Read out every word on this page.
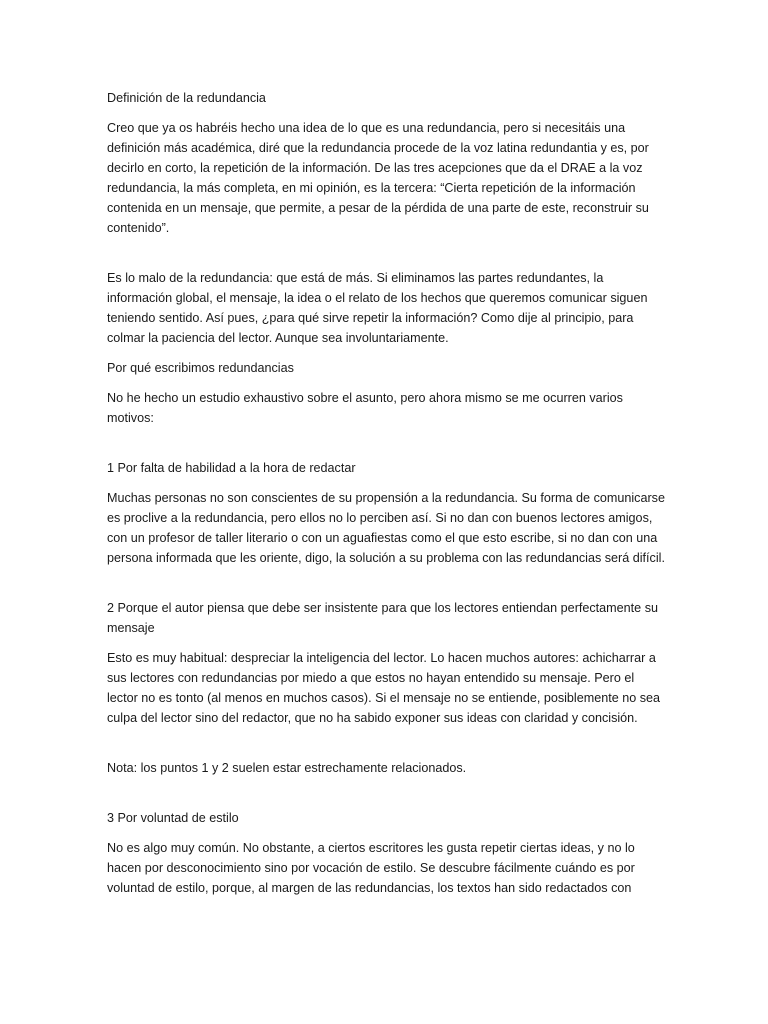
Definición de la redundancia

Creo que ya os habréis hecho una idea de lo que es una redundancia, pero si necesitáis una definición más académica, diré que la redundancia procede de la voz latina redundantia y es, por decirlo en corto, la repetición de la información. De las tres acepciones que da el DRAE a la voz redundancia, la más completa, en mi opinión, es la tercera: “Cierta repetición de la información contenida en un mensaje, que permite, a pesar de la pérdida de una parte de este, reconstruir su contenido”.

Es lo malo de la redundancia: que está de más. Si eliminamos las partes redundantes, la información global, el mensaje, la idea o el relato de los hechos que queremos comunicar siguen teniendo sentido. Así pues, ¿para qué sirve repetir la información? Como dije al principio, para colmar la paciencia del lector. Aunque sea involuntariamente.

Por qué escribimos redundancias

No he hecho un estudio exhaustivo sobre el asunto, pero ahora mismo se me ocurren varios motivos:

1 Por falta de habilidad a la hora de redactar

Muchas personas no son conscientes de su propensión a la redundancia. Su forma de comunicarse es proclive a la redundancia, pero ellos no lo perciben así. Si no dan con buenos lectores amigos, con un profesor de taller literario o con un aguafiestas como el que esto escribe, si no dan con una persona informada que les oriente, digo, la solución a su problema con las redundancias será difícil.

2 Porque el autor piensa que debe ser insistente para que los lectores entiendan perfectamente su mensaje

Esto es muy habitual: despreciar la inteligencia del lector. Lo hacen muchos autores: achicharrar a sus lectores con redundancias por miedo a que estos no hayan entendido su mensaje. Pero el lector no es tonto (al menos en muchos casos). Si el mensaje no se entiende, posiblemente no sea culpa del lector sino del redactor, que no ha sabido exponer sus ideas con claridad y concisión.

Nota: los puntos 1 y 2 suelen estar estrechamente relacionados.

3 Por voluntad de estilo

No es algo muy común. No obstante, a ciertos escritores les gusta repetir ciertas ideas, y no lo hacen por desconocimiento sino por vocación de estilo. Se descubre fácilmente cuándo es por voluntad de estilo, porque, al margen de las redundancias, los textos han sido redactados con
